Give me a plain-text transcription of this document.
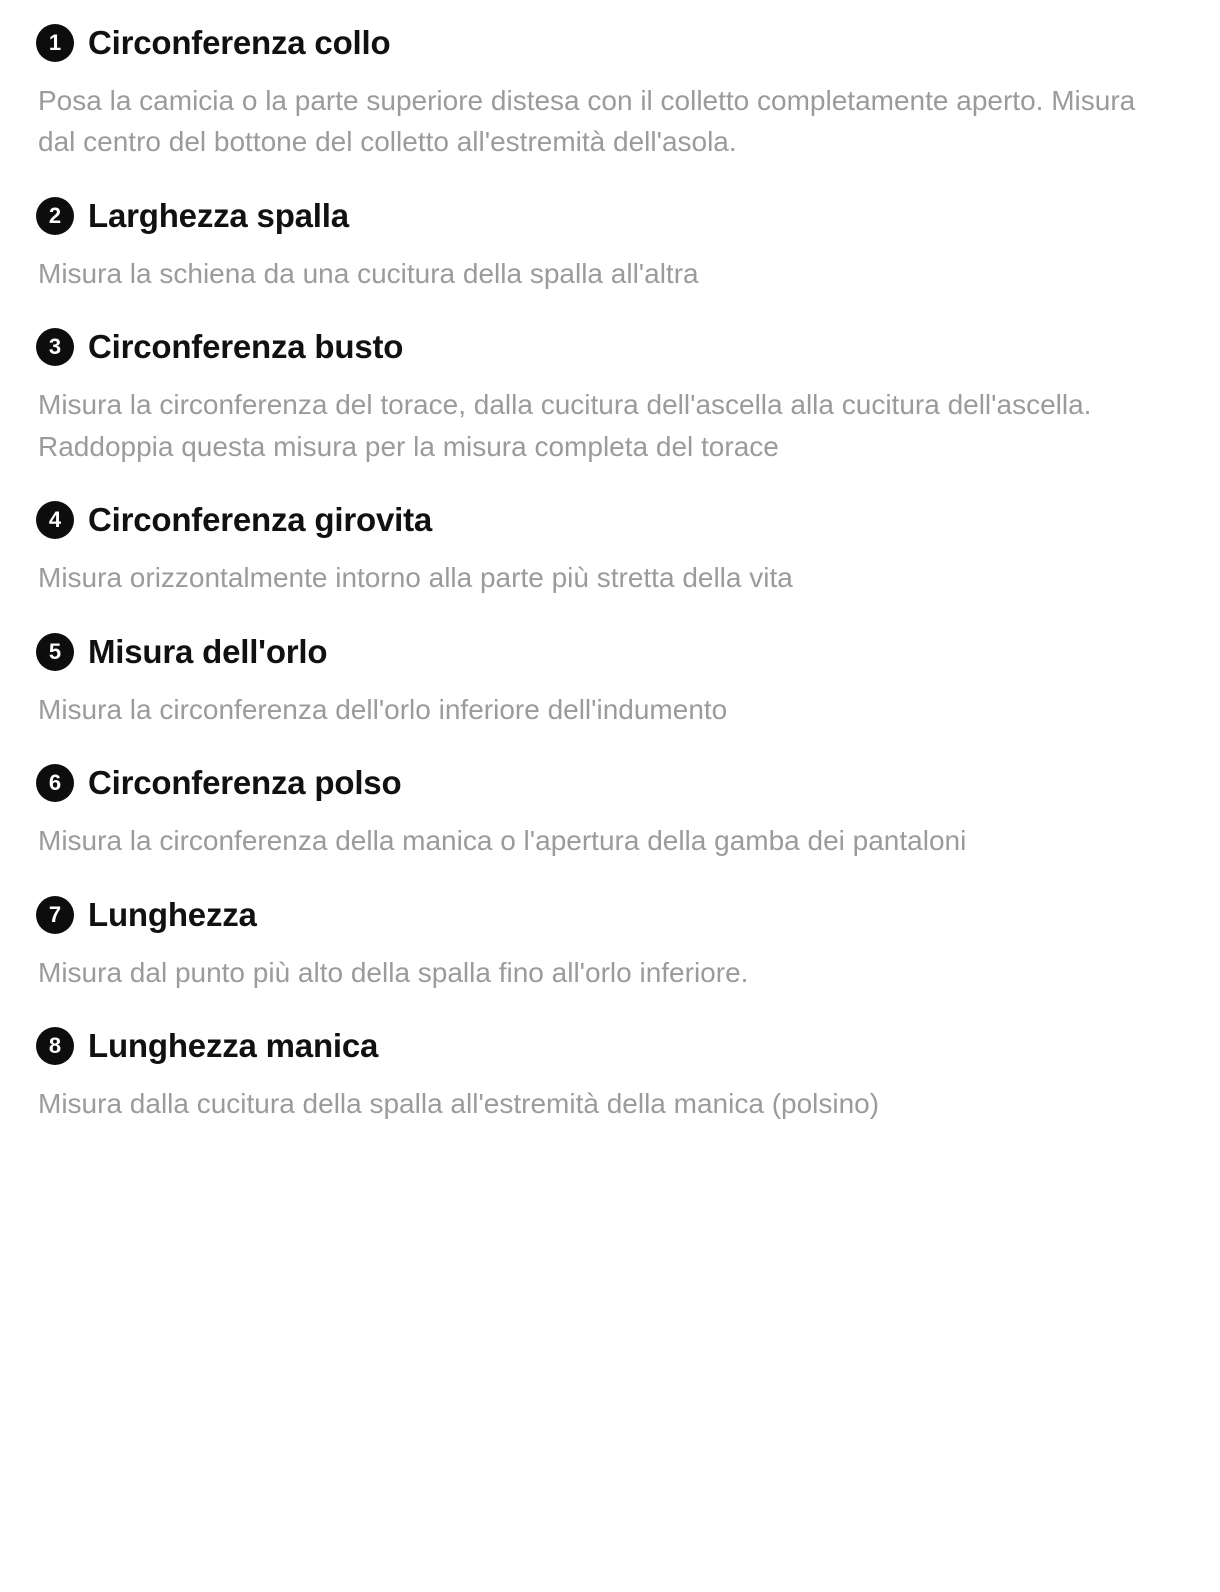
1 Circonferenza collo

Posa la camicia o la parte superiore distesa con il colletto completamente aperto. Misura dal centro del bottone del colletto all'estremità dell'asola.

2 Larghezza spalla

Misura la schiena da una cucitura della spalla all'altra

3 Circonferenza busto

Misura la circonferenza del torace, dalla cucitura dell'ascella alla cucitura dell'ascella. Raddoppia questa misura per la misura completa del torace

4 Circonferenza girovita

Misura orizzontalmente intorno alla parte più stretta della vita

5 Misura dell'orlo

Misura la circonferenza dell'orlo inferiore dell'indumento

6 Circonferenza polso

Misura la circonferenza della manica o l'apertura della gamba dei pantaloni

7 Lunghezza

Misura dal punto più alto della spalla fino all'orlo inferiore.

8 Lunghezza manica

Misura dalla cucitura della spalla all'estremità della manica (polsino)
